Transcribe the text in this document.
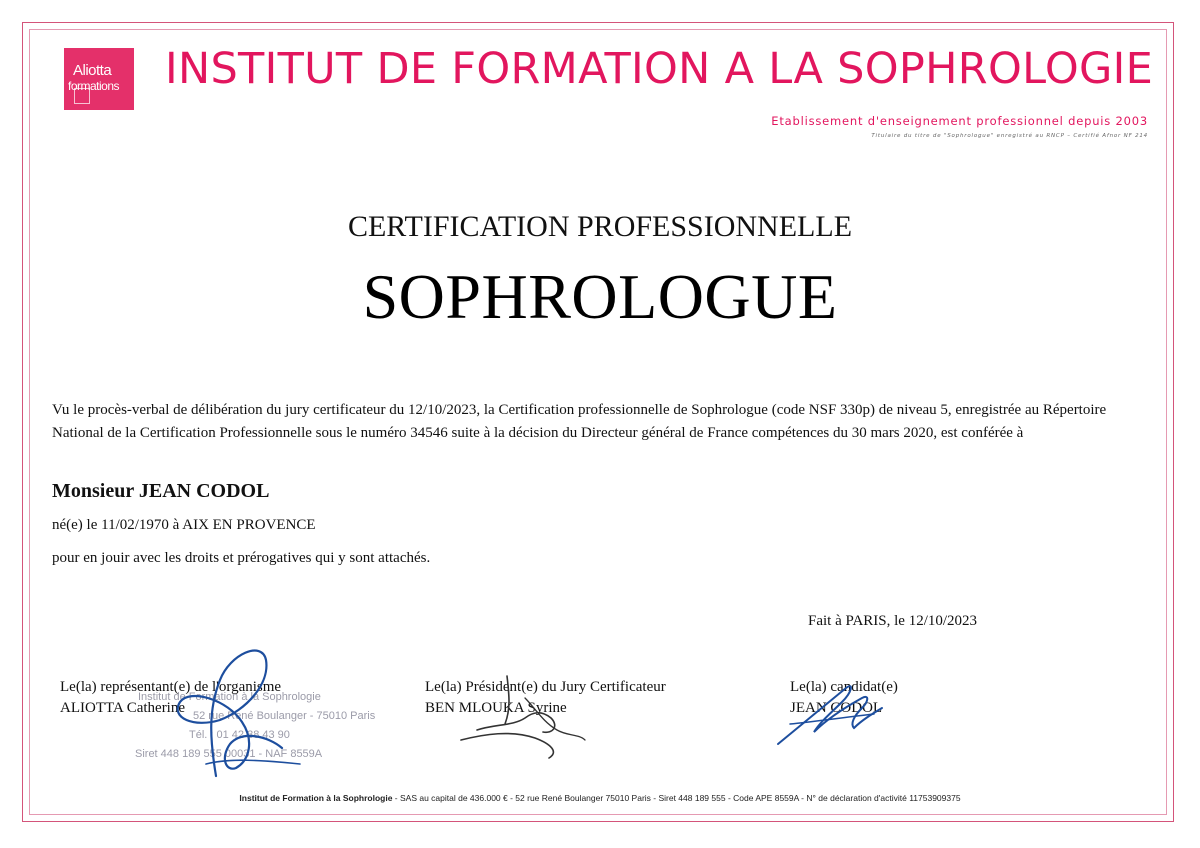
Aliotta
formations INSTITUT DE FORMATION A LA SOPHROLOGIE
Etablissement d'enseignement professionnel depuis 2003
Titulaire du titre de "Sophrologue" enregistré au RNCP – Certifié Afnor NF 214
CERTIFICATION PROFESSIONNELLE
SOPHROLOGUE
Vu le procès-verbal de délibération du jury certificateur du 12/10/2023, la Certification professionnelle de Sophrologue (code NSF 330p) de niveau 5, enregistrée au Répertoire National de la Certification Professionnelle sous le numéro 34546 suite à la décision du Directeur général de France compétences du 30 mars 2020, est conférée à
Monsieur JEAN CODOL
né(e) le 11/02/1970 à AIX EN PROVENCE
pour en jouir avec les droits et prérogatives qui y sont attachés.
Fait à PARIS, le 12/10/2023
Institut de Formation à la Sophrologie
52 rue René Boulanger - 75010 Paris
Tél. : 01 42 38 43 90
Siret 448 189 555 00031 - NAF 8559A
Le(la) représentant(e) de l'organisme
ALIOTTA Catherine
Le(la) Président(e) du Jury Certificateur
BEN MLOUKA Syrine
Le(la) candidat(e)
JEAN CODOL
Institut de Formation à la Sophrologie - SAS au capital de 436.000 € - 52 rue René Boulanger 75010 Paris - Siret 448 189 555 - Code APE 8559A - N° de déclaration d'activité 11753909375
